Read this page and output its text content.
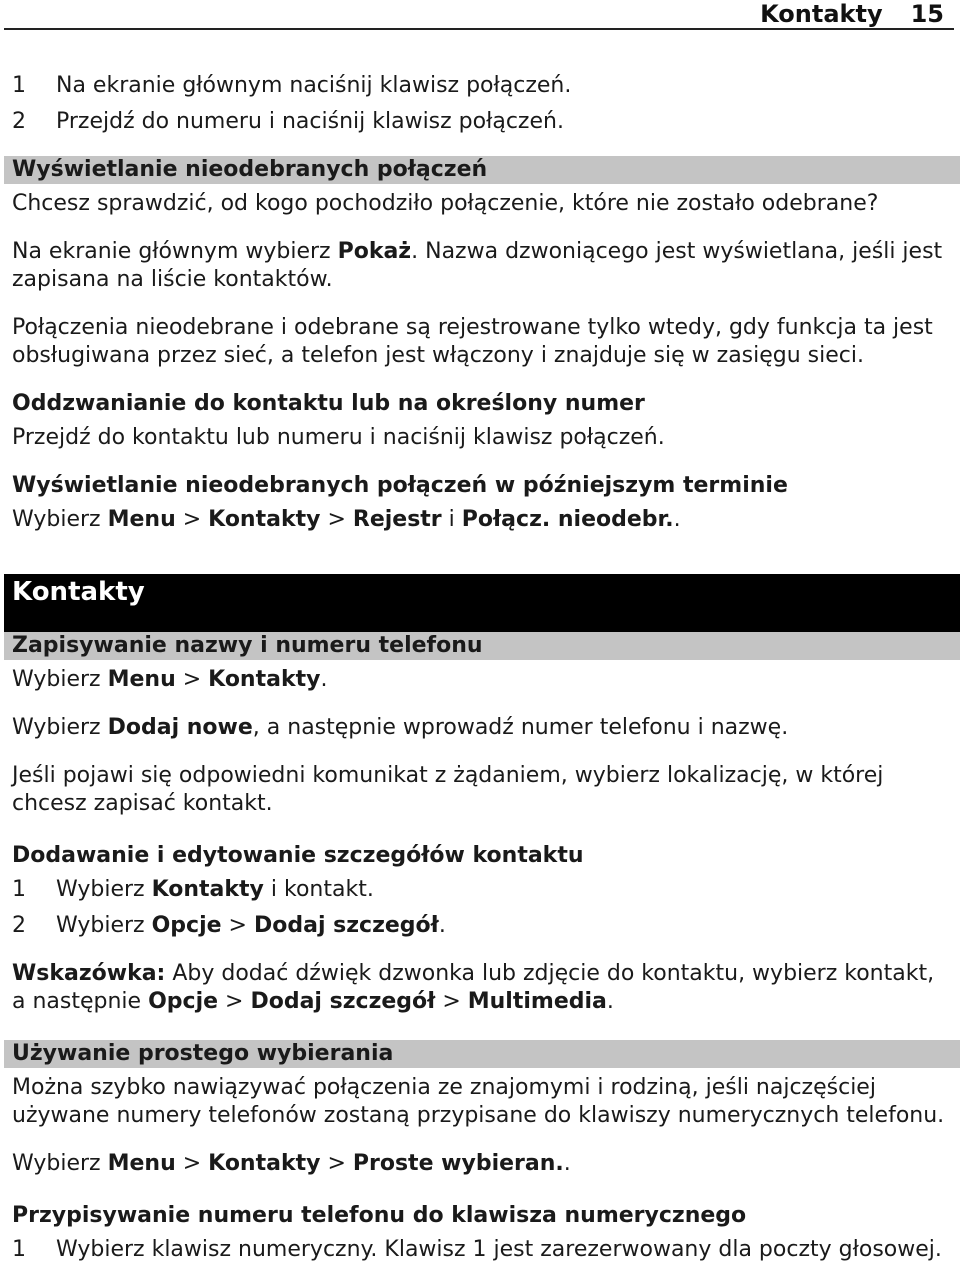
Kontakty 15
1 Na ekranie głównym naciśnij klawisz połączeń.
2 Przejdź do numeru i naciśnij klawisz połączeń.
Wyświetlanie nieodebranych połączeń

Chcesz sprawdzić, od kogo pochodziło połączenie, które nie zostało odebrane?

Na ekranie głównym wybierz Pokaż. Nazwa dzwoniącego jest wyświetlana, jeśli jest zapisana na liście kontaktów.

Połączenia nieodebrane i odebrane są rejestrowane tylko wtedy, gdy funkcja ta jest obsługiwana przez sieć, a telefon jest włączony i znajduje się w zasięgu sieci.

Oddzwanianie do kontaktu lub na określony numer

Przejdź do kontaktu lub numeru i naciśnij klawisz połączeń.

Wyświetlanie nieodebranych połączeń w późniejszym terminie

Wybierz Menu > Kontakty > Rejestr i Połącz. nieodebr..

Kontakty
Zapisywanie nazwy i numeru telefonu

Wybierz Menu > Kontakty.

Wybierz Dodaj nowe, a następnie wprowadź numer telefonu i nazwę.

Jeśli pojawi się odpowiedni komunikat z żądaniem, wybierz lokalizację, w której chcesz zapisać kontakt.

Dodawanie i edytowanie szczegółów kontaktu

1 Wybierz Kontakty i kontakt.
2 Wybierz Opcje > Dodaj szczegół.

Wskazówka: Aby dodać dźwięk dzwonka lub zdjęcie do kontaktu, wybierz kontakt, a następnie Opcje > Dodaj szczegół > Multimedia.

Używanie prostego wybierania

Można szybko nawiązywać połączenia ze znajomymi i rodziną, jeśli najczęściej używane numery telefonów zostaną przypisane do klawiszy numerycznych telefonu.

Wybierz Menu > Kontakty > Proste wybieran..

Przypisywanie numeru telefonu do klawisza numerycznego

1 Wybierz klawisz numeryczny. Klawisz 1 jest zarezerwowany dla poczty głosowej.
